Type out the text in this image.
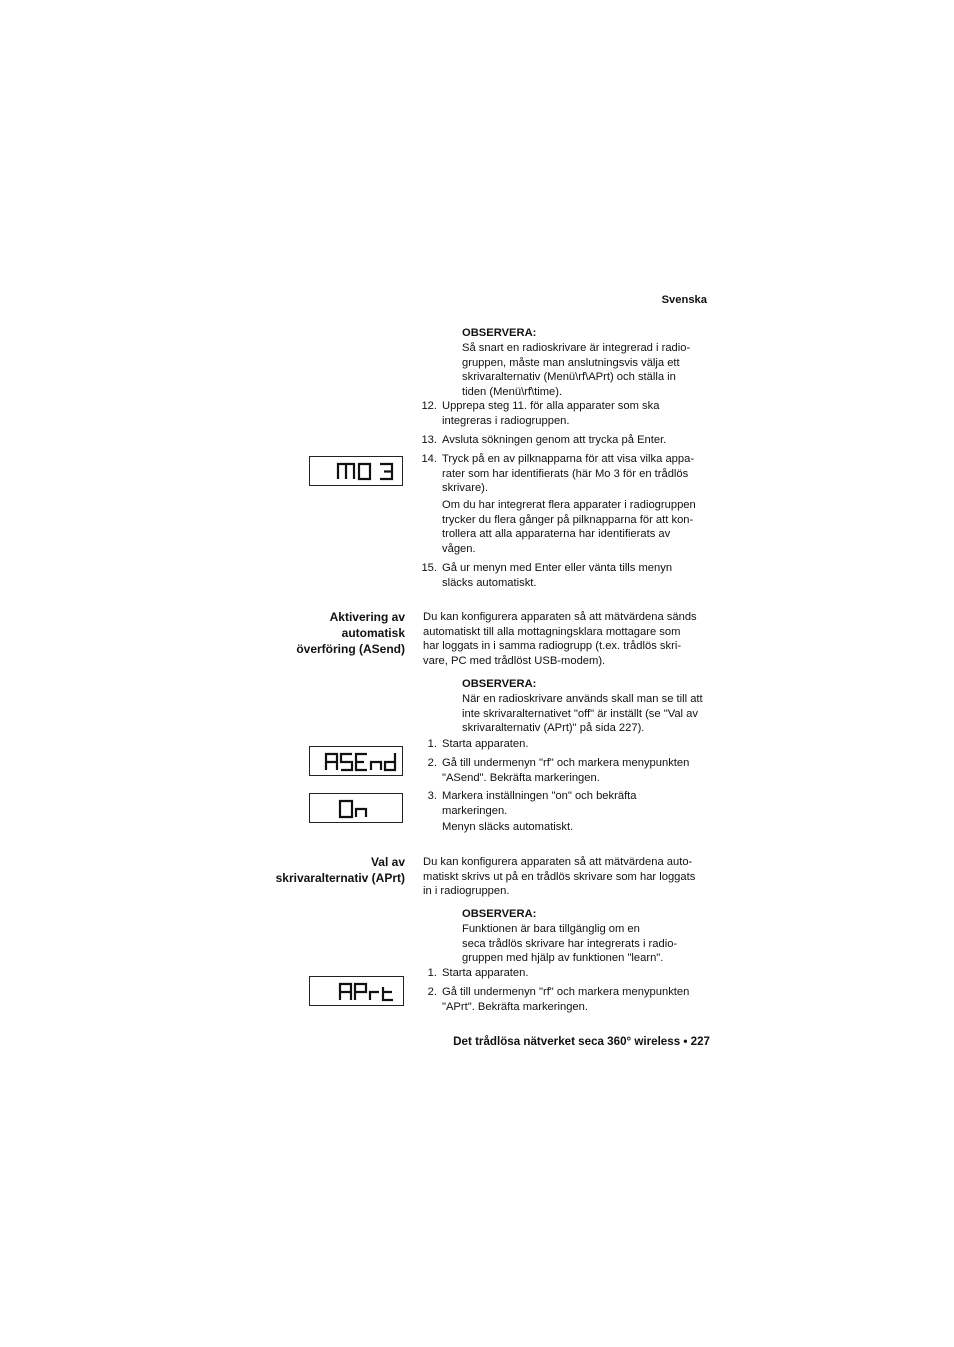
Svenska
OBSERVERA:
Så snart en radioskrivare är integrerad i radio-
gruppen, måste man anslutningsvis välja ett
skrivaralternativ (Menü\rf\APrt) och ställa in
tiden (Menü\rf\time).
12. Upprepa steg 11. för alla apparater som ska
integreras i radiogruppen.
13. Avsluta sökningen genom att trycka på Enter.
14. Tryck på en av pilknapparna för att visa vilka appa-
rater som har identifierats (här Mo 3 för en trådlös
skrivare).
Om du har integrerat flera apparater i radiogruppen
trycker du flera gånger på pilknapparna för att kon-
trollera att alla apparaterna har identifierats av
vågen.
15. Gå ur menyn med Enter eller vänta tills menyn
släcks automatiskt.
Aktivering av
automatisk
överföring (ASend)
Du kan konfigurera apparaten så att mätvärdena sänds
automatiskt till alla mottagningsklara mottagare som
har loggats in i samma radiogrupp (t.ex. trådlös skri-
vare, PC med trådlöst USB-modem).
OBSERVERA:
När en radioskrivare används skall man se till att
inte skrivaralternativet "off" är inställt (se "Val av
skrivaralternativ (APrt)" på sida 227).
1. Starta apparaten.
2. Gå till undermenyn "rf" och markera menypunkten
"ASend". Bekräfta markeringen.
3. Markera inställningen "on" och bekräfta
markeringen.
Menyn släcks automatiskt.
Val av
skrivaralternativ (APrt)
Du kan konfigurera apparaten så att mätvärdena auto-
matiskt skrivs ut på en trådlös skrivare som har loggats
in i radiogruppen.
OBSERVERA:
Funktionen är bara tillgänglig om en
seca trådlös skrivare har integrerats i radio-
gruppen med hjälp av funktionen "learn".
1. Starta apparaten.
2. Gå till undermenyn "rf" och markera menypunkten
"APrt". Bekräfta markeringen.
Det trådlösa nätverket seca 360° wireless • 227
